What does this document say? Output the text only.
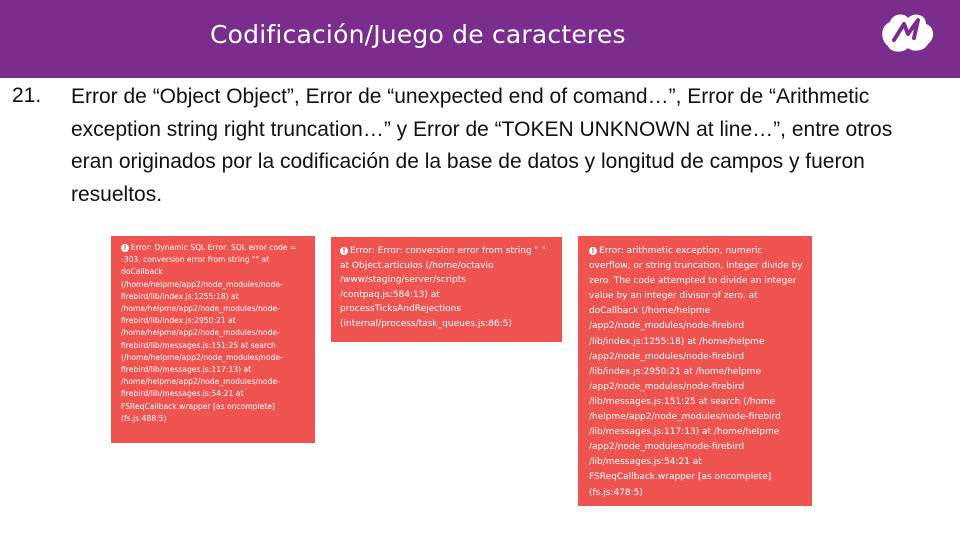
Codificación/Juego de caracteres
21. Error de “Object Object”, Error de “unexpected end of comand…”, Error de “Arithmetic exception string right truncation…” y Error de “TOKEN UNKNOWN at line…”, entre otros eran originados por la codificación de la base de datos y longitud de campos y fueron resueltos.
! Error: Dynamic SQL Error, SQL error code = -303, conversion error from string "" at doCallback (/home/helpme/app2/node_modules/node-firebird/lib/index.js:1255:18) at /home/helpme/app2/node_modules/node-firebird/lib/index.js:2950:21 at /home/helpme/app2/node_modules/node-firebird/lib/messages.js:151:25 at search (/home/helpme/app2/node_modules/node-firebird/lib/messages.js:117:13) at /home/helpme/app2/node_modules/node-firebird/lib/messages.js:54:21 at FSReqCallback.wrapper [as oncomplete] (fs.js:488:5)
! Error: Error: conversion error from string " " at Object.articulos (/home/octavio /www/staging/server/scripts /contpaq.js:584:13) at processTicksAndRejections (internal/process/task_queues.js:86:5)
! Error: arithmetic exception, numeric overflow, or string truncation, Integer divide by zero. The code attempted to divide an integer value by an integer divisor of zero. at doCallback (/home/helpme /app2/node_modules/node-firebird /lib/index.js:1255:18) at /home/helpme /app2/node_modules/node-firebird /lib/index.js:2950:21 at /home/helpme /app2/node_modules/node-firebird /lib/messages.js:151:25 at search (/home /helpme/app2/node_modules/node-firebird /lib/messages.js:117:13) at /home/helpme /app2/node_modules/node-firebird /lib/messages.js:54:21 at FSReqCallback.wrapper [as oncomplete] (fs.js:478:5)
